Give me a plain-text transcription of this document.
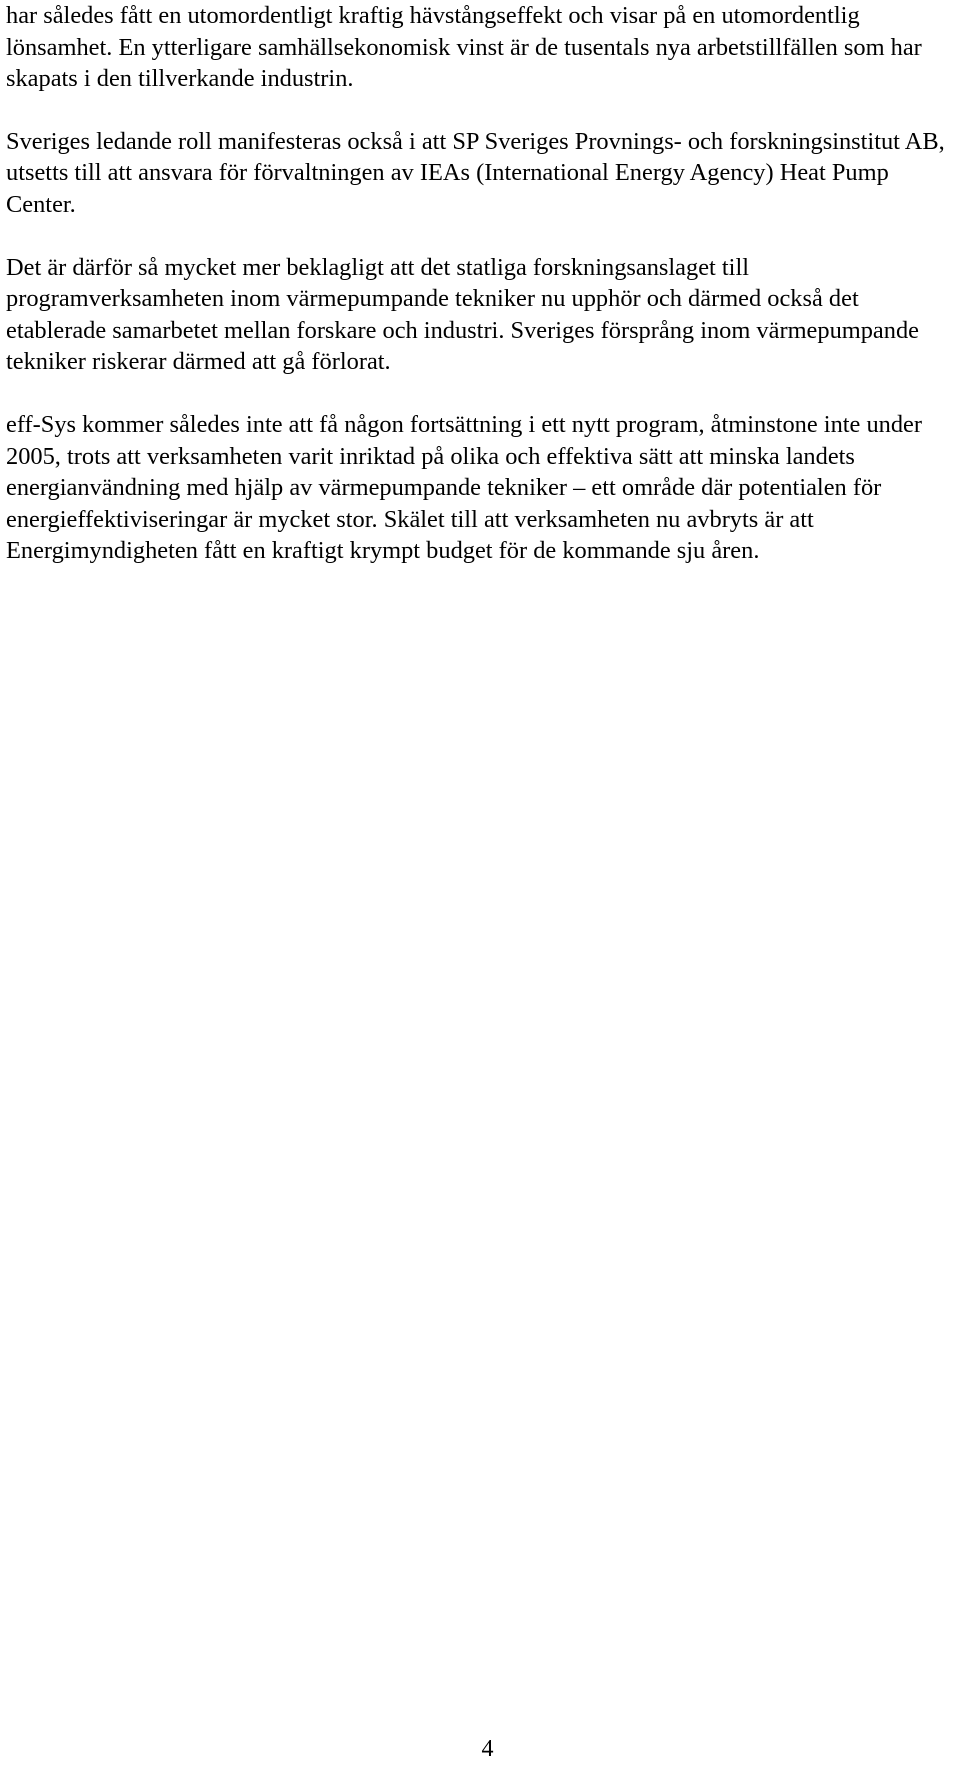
har således fått en utomordentligt kraftig hävstångseffekt och visar på en utomordentlig lönsamhet. En ytterligare samhällsekonomisk vinst är de tusentals nya arbetstillfällen som har skapats i den tillverkande industrin.

Sveriges ledande roll manifesteras också i att SP Sveriges Provnings- och forskningsinstitut AB, utsetts till att ansvara för förvaltningen av IEAs (International Energy Agency) Heat Pump Center.

Det är därför så mycket mer beklagligt att det statliga forskningsanslaget till programverksamheten inom värmepumpande tekniker nu upphör och därmed också det etablerade samarbetet mellan forskare och industri. Sveriges försprång inom värmepumpande tekniker riskerar därmed att gå förlorat.

eff-Sys kommer således inte att få någon fortsättning i ett nytt program, åtminstone inte under 2005, trots att verksamheten varit inriktad på olika och effektiva sätt att minska landets energianvändning med hjälp av värmepumpande tekniker – ett område där potentialen för energieffektiviseringar är mycket stor. Skälet till att verksamheten nu avbryts är att Energimyndigheten fått en kraftigt krympt budget för de kommande sju åren.

4
